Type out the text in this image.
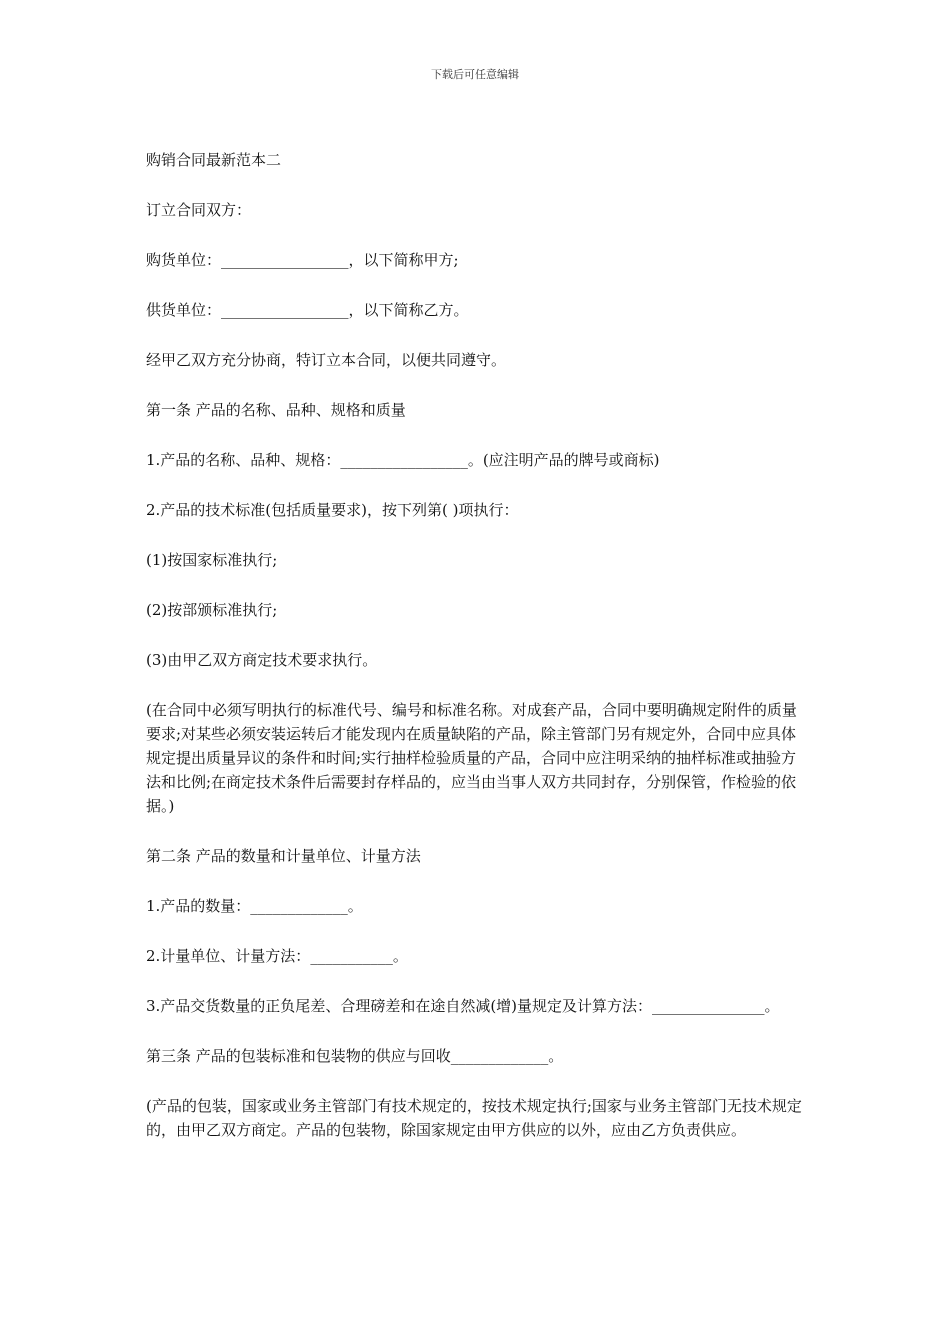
下载后可任意编辑

购销合同最新范本二

订立合同双方：

购货单位：_________________，以下简称甲方;

供货单位：_________________，以下简称乙方。

经甲乙双方充分协商，特订立本合同，以便共同遵守。

第一条 产品的名称、品种、规格和质量

1.产品的名称、品种、规格：_________________。(应注明产品的牌号或商标)

2.产品的技术标准(包括质量要求)，按下列第( )项执行：

(1)按国家标准执行;

(2)按部颁标准执行;

(3)由甲乙双方商定技术要求执行。

(在合同中必须写明执行的标准代号、编号和标准名称。对成套产品，合同中要明确规定附件的质量要求;对某些必须安装运转后才能发现内在质量缺陷的产品，除主管部门另有规定外，合同中应具体规定提出质量异议的条件和时间;实行抽样检验质量的产品，合同中应注明采纳的抽样标准或抽验方法和比例;在商定技术条件后需要封存样品的，应当由当事人双方共同封存，分别保管，作检验的依据。)

第二条 产品的数量和计量单位、计量方法

1.产品的数量：_____________。

2.计量单位、计量方法：___________。

3.产品交货数量的正负尾差、合理磅差和在途自然减(增)量规定及计算方法：_______________。

第三条 产品的包装标准和包装物的供应与回收_____________。

(产品的包装，国家或业务主管部门有技术规定的，按技术规定执行;国家与业务主管部门无技术规定的，由甲乙双方商定。产品的包装物，除国家规定由甲方供应的以外，应由乙方负责供应。
